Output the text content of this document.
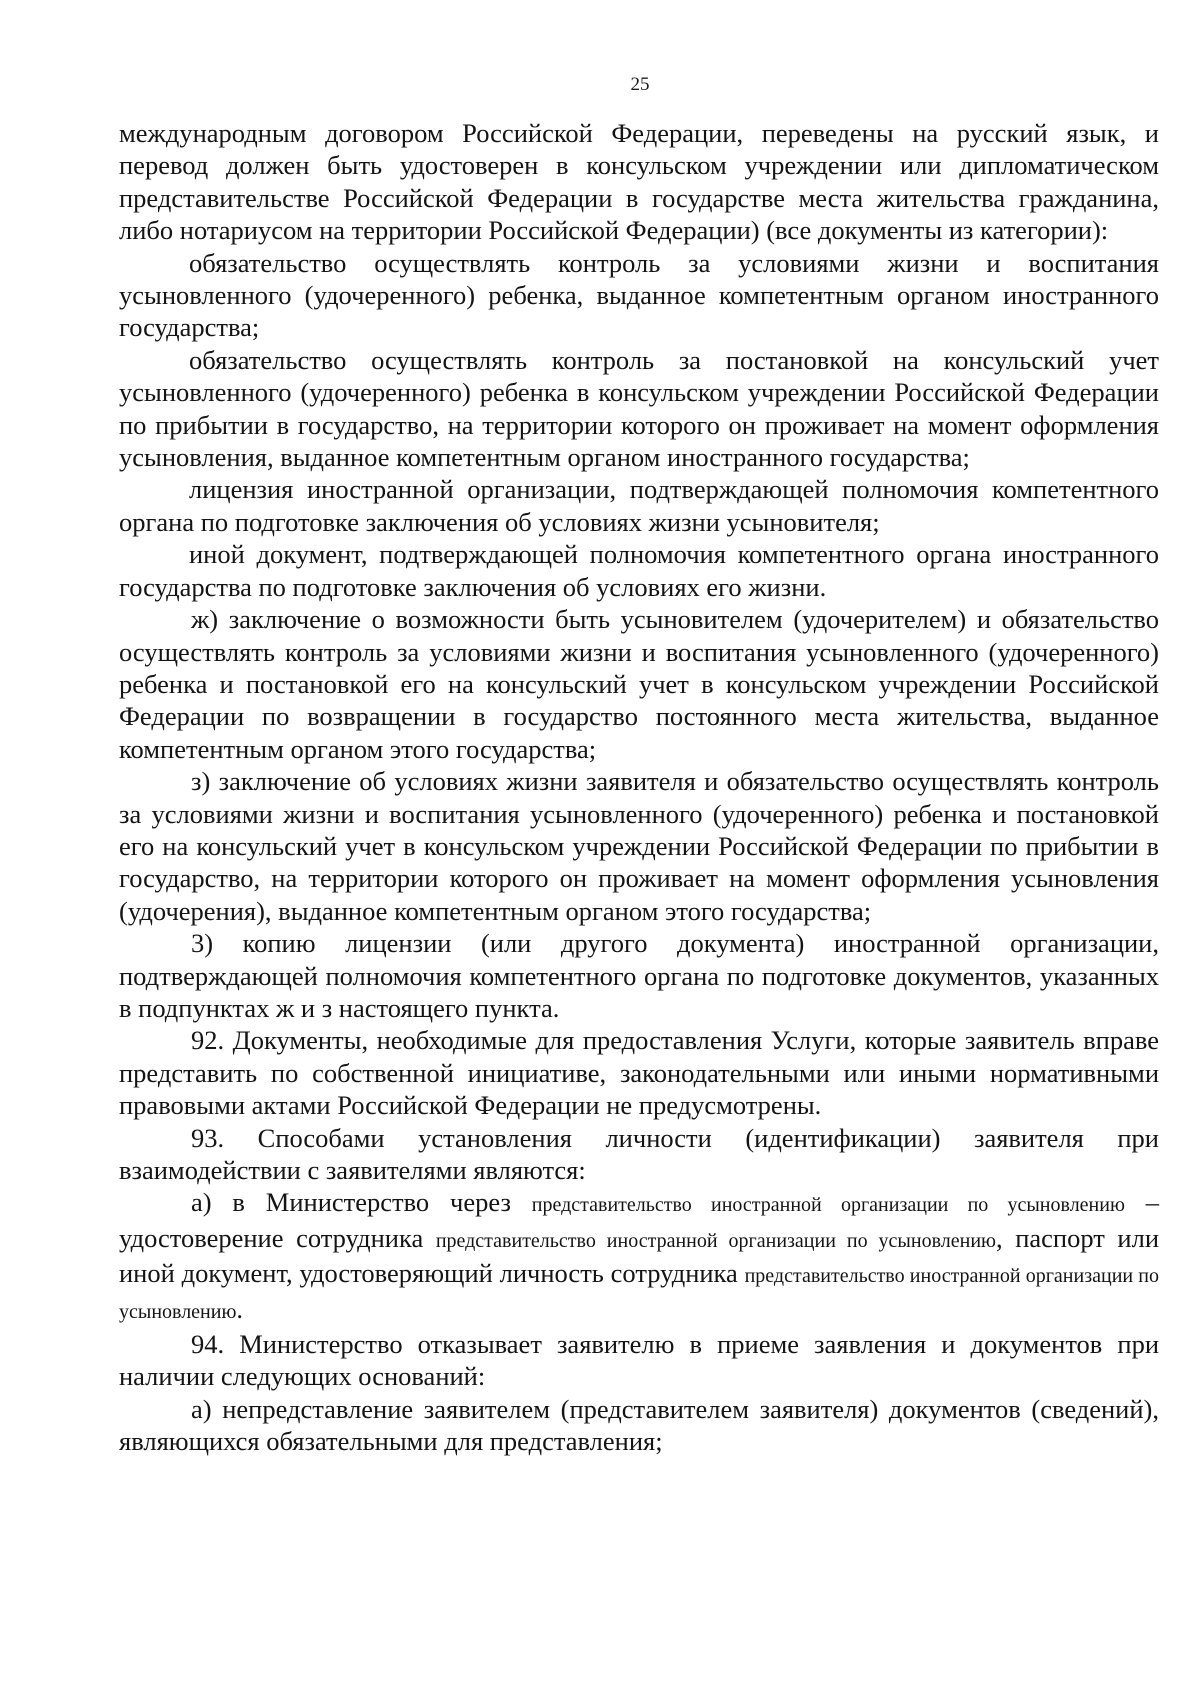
25

международным договором Российской Федерации, переведены на русский язык, и перевод должен быть удостоверен в консульском учреждении или дипломатическом представительстве Российской Федерации в государстве места жительства гражданина, либо нотариусом на территории Российской Федерации) (все документы из категории):

обязательство осуществлять контроль за условиями жизни и воспитания усыновленного (удочеренного) ребенка, выданное компетентным органом иностранного государства;

обязательство осуществлять контроль за постановкой на консульский учет усыновленного (удочеренного) ребенка в консульском учреждении Российской Федерации по прибытии в государство, на территории которого он проживает на момент оформления усыновления, выданное компетентным органом иностранного государства;

лицензия иностранной организации, подтверждающей полномочия компетентного органа по подготовке заключения об условиях жизни усыновителя;

иной документ, подтверждающей полномочия компетентного органа иностранного государства по подготовке заключения об условиях его жизни.

ж) заключение о возможности быть усыновителем (удочерителем) и обязательство осуществлять контроль за условиями жизни и воспитания усыновленного (удочеренного) ребенка и постановкой его на консульский учет в консульском учреждении Российской Федерации по возвращении в государство постоянного места жительства, выданное компетентным органом этого государства;

з) заключение об условиях жизни заявителя и обязательство осуществлять контроль за условиями жизни и воспитания усыновленного (удочеренного) ребенка и постановкой его на консульский учет в консульском учреждении Российской Федерации по прибытии в государство, на территории которого он проживает на момент оформления усыновления (удочерения), выданное компетентным органом этого государства;

3) копию лицензии (или другого документа) иностранной организации, подтверждающей полномочия компетентного органа по подготовке документов, указанных в подпунктах ж и з настоящего пункта.

92. Документы, необходимые для предоставления Услуги, которые заявитель вправе представить по собственной инициативе, законодательными или иными нормативными правовыми актами Российской Федерации не предусмотрены.

93. Способами установления личности (идентификации) заявителя при взаимодействии с заявителями являются:

а) в Министерство через представительство иностранной организации по усыновлению – удостоверение сотрудника представительство иностранной организации по усыновлению, паспорт или иной документ, удостоверяющий личность сотрудника представительство иностранной организации по усыновлению.

94. Министерство отказывает заявителю в приеме заявления и документов при наличии следующих оснований:

а) непредставление заявителем (представителем заявителя) документов (сведений), являющихся обязательными для представления;
